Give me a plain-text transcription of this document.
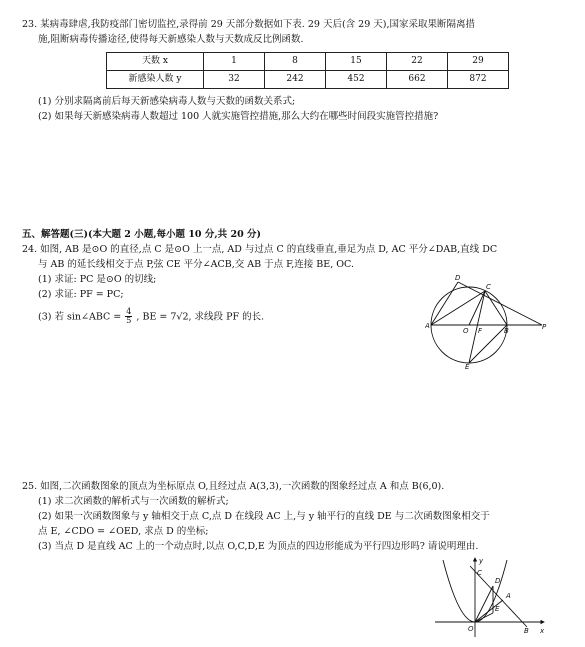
23. 某病毒肆虐,我防疫部门密切监控,录得前 29 天部分数据如下表. 29 天后(含 29 天),国家采取果断隔离措
施,阻断病毒传播途径,使得每天新感染人数与天数成反比例函数.
天数 x	1	8	15	22	29
新感染人数 y	32	242	452	662	872
(1) 分别求隔离前后每天新感染病毒人数与天数的函数关系式;
(2) 如果每天新感染病毒人数超过 100 人就实施管控措施,那么大约在哪些时间段实施管控措施?
五、解答题(三)(本大题 2 小题,每小题 10 分,共 20 分)
24. 如图, AB 是⊙O 的直径,点 C 是⊙O 上一点, AD 与过点 C 的直线垂直,垂足为点 D, AC 平分∠DAB,直线 DC
与 AB 的延长线相交于点 P,弦 CE 平分∠ACB,交 AB 于点 F,连接 BE, OC.
(1) 求证: PC 是⊙O 的切线;
(2) 求证: PF = PC;
(3) 若 sin∠ABC = $\frac{4}{5}$ , BE = 7√2, 求线段 PF 的长.
D
C
A
O F	B	P
E
25. 如图,二次函数图象的顶点为坐标原点 O,且经过点 A(3,3),一次函数的图象经过点 A 和点 B(6,0).
(1) 求二次函数的解析式与一次函数的解析式;
(2) 如果一次函数图象与 y 轴相交于点 C,点 D 在线段 AC 上,与 y 轴平行的直线 DE 与二次函数图象相交于
点 E, ∠CDO = ∠OED, 求点 D 的坐标;
(3) 当点 D 是直线 AC 上的一个动点时,以点 O,C,D,E 为顶点的四边形能成为平行四边形吗? 请说明理由.
y
C
D
A
E
O	B x
